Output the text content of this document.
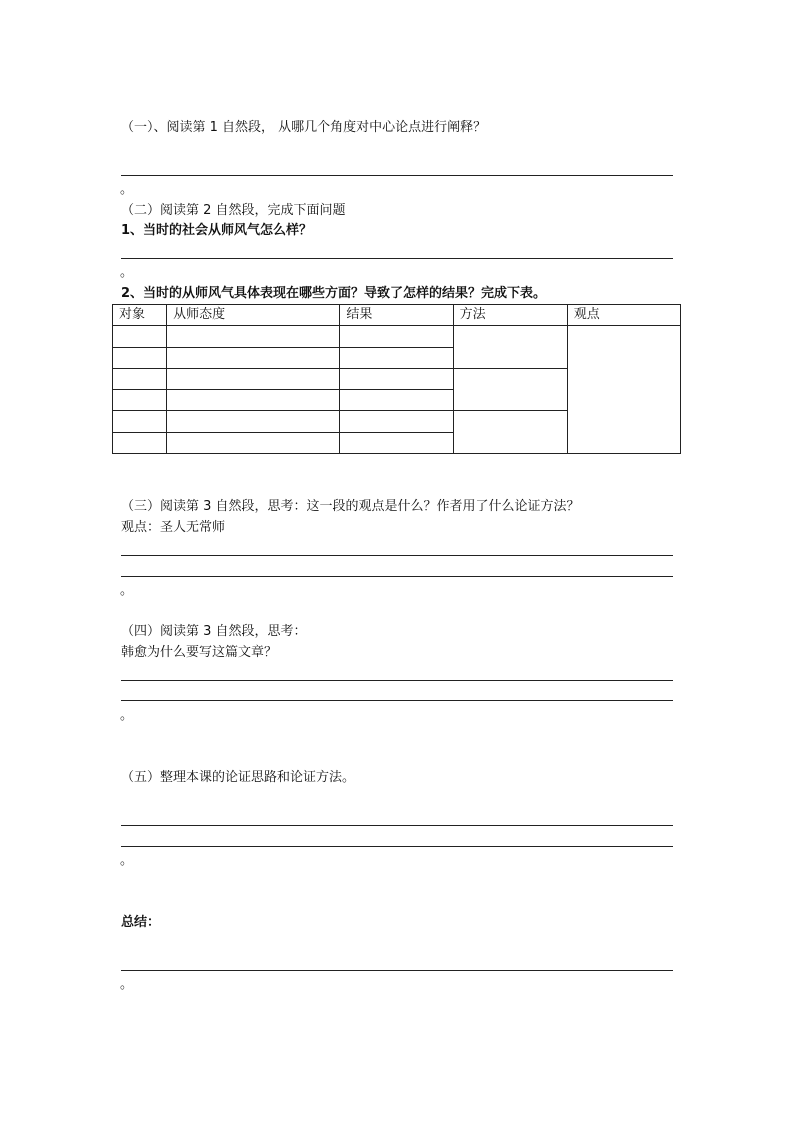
（一）、阅读第 1 自然段， 从哪几个角度对中心论点进行阐释？
。
（二）阅读第 2 自然段，完成下面问题
1、当时的社会从师风气怎么样？
。
2、当时的从师风气具体表现在哪些方面？导致了怎样的结果？完成下表。
对象	从师态度	结果	方法	观点

（三）阅读第 3 自然段，思考：这一段的观点是什么？作者用了什么论证方法？
观点：圣人无常师
。
（四）阅读第 3 自然段，思考：
韩愈为什么要写这篇文章？
。
（五）整理本课的论证思路和论证方法。
。
总结：
。
